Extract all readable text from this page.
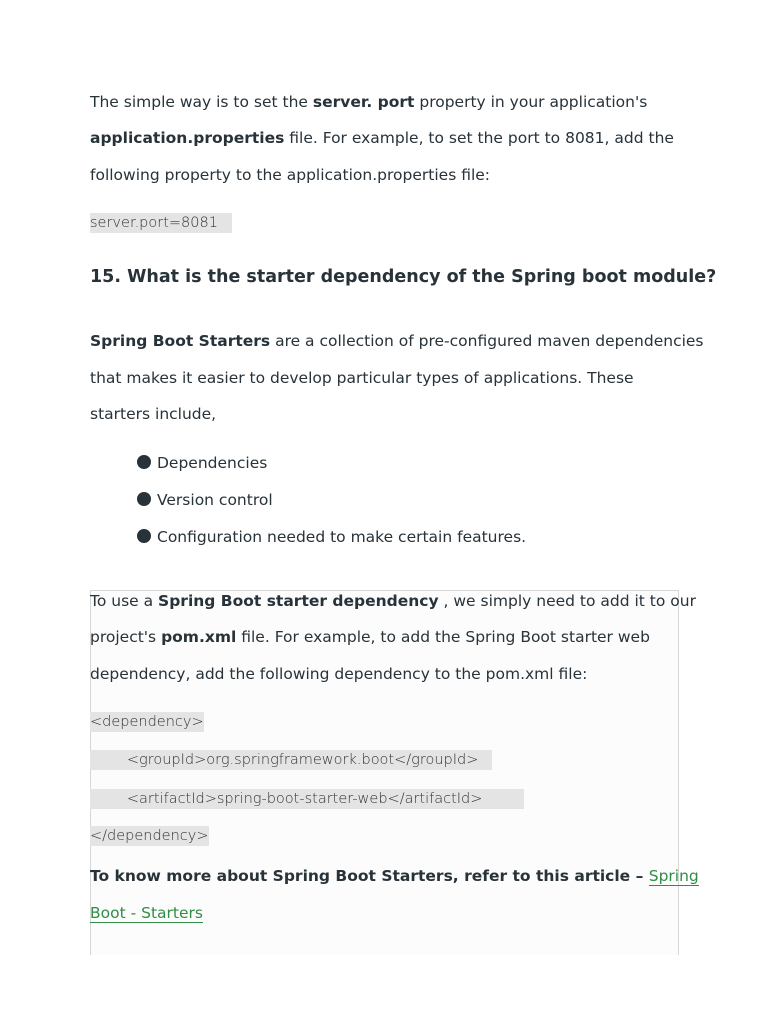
The simple way is to set the server. port property in your application's
application.properties file. For example, to set the port to 8081, add the
following property to the application.properties file:
server.port=8081
15. What is the starter dependency of the Spring boot module?
Spring Boot Starters are a collection of pre-configured maven dependencies
that makes it easier to develop particular types of applications. These
starters include,
Dependencies
Version control
Configuration needed to make certain features.
To use a Spring Boot starter dependency , we simply need to add it to our
project's pom.xml file. For example, to add the Spring Boot starter web
dependency, add the following dependency to the pom.xml file:
<dependency>
<groupId>org.springframework.boot</groupId>
<artifactId>spring-boot-starter-web</artifactId>
</dependency>
To know more about Spring Boot Starters, refer to this article – Spring
Boot - Starters
